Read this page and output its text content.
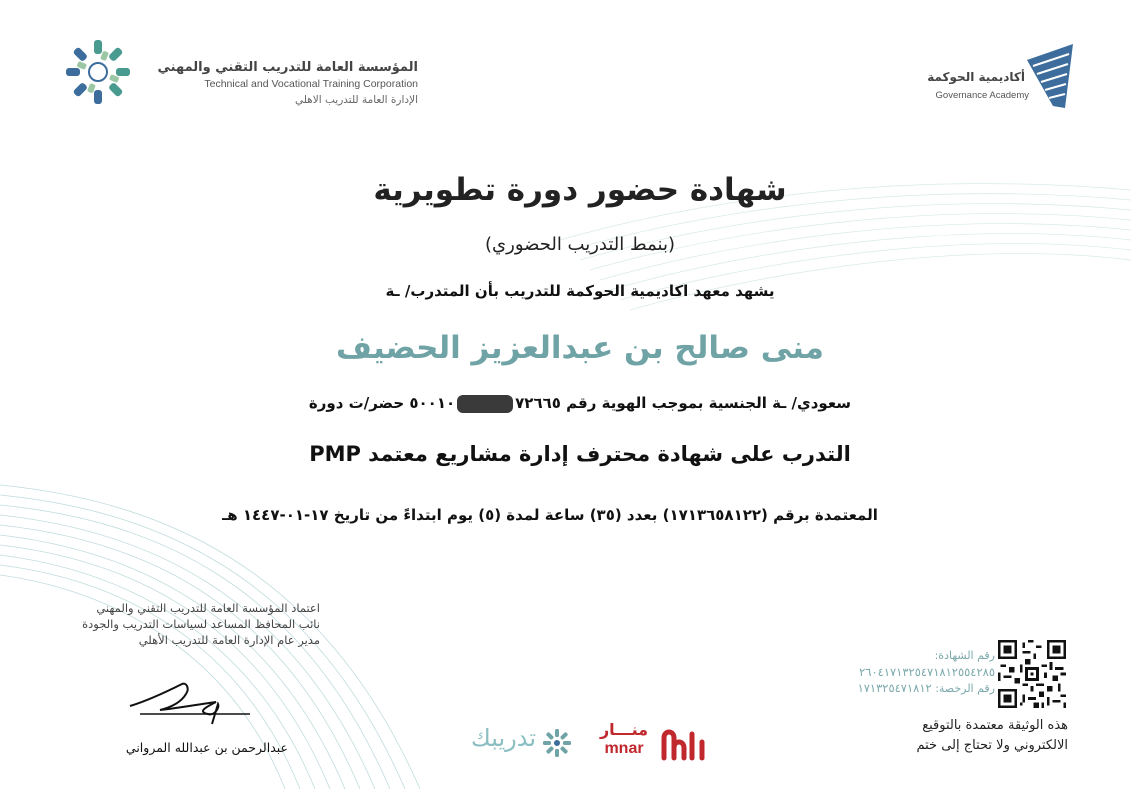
المؤسسة العامة للتدريب التقني والمهني
Technical and Vocational Training Corporation
الإدارة العامة للتدريب الاهلي
أكاديمية الحوكمة
Governance Academy
شهادة حضور دورة تطويرية
(بنمط التدريب الحضوري)
يشهد معهد اكاديمية الحوكمة للتدريب بأن المتدرب/ ـة
منى صالح بن عبدالعزيز الحضيف
سعودي/ ـة الجنسية بموجب الهوية رقم ٧٢٦٦٥٥٠٠١٠ حضر/ت دورة
التدرب على شهادة محترف إدارة مشاريع معتمد PMP
المعتمدة برقم (١٧١٣٦٥٨١٢٢) بعدد (٣٥) ساعة لمدة (٥) يوم ابتداءً من تاريخ ١٧-٠١-١٤٤٧ هـ
اعتماد المؤسسة العامة للتدريب التقني والمهني
نائب المحافظ المساعد لسياسات التدريب والجودة
مدير عام الإدارة العامة للتدريب الأهلي
عبدالرحمن بن عبدالله المرواني	تدريبك	منـــار
mnar
رقم الشهادة:
٢٦٠٤١٧١٣٢٥٤٧١٨١٢٥٥٤٢٨٥
رقم الرخصة: ١٧١٣٢٥٤٧١٨١٢
هذه الوثيقة معتمدة بالتوقيع
الالكتروني ولا تحتاج إلى ختم
